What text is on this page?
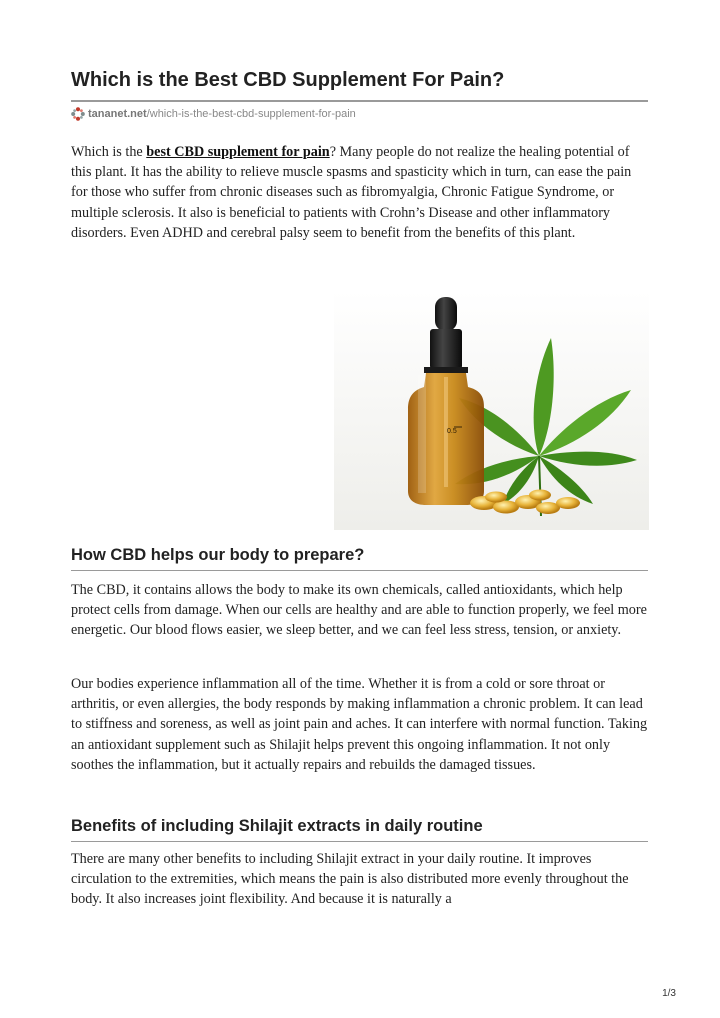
Which is the Best CBD Supplement For Pain?
tananet.net /which-is-the-best-cbd-supplement-for-pain

Which is the best CBD supplement for pain? Many people do not realize the healing potential of this plant. It has the ability to relieve muscle spasms and spasticity which in turn, can ease the pain for those who suffer from chronic diseases such as fibromyalgia, Chronic Fatigue Syndrome, or multiple sclerosis. It also is beneficial to patients with Crohn’s Disease and other inflammatory disorders. Even ADHD and cerebral palsy seem to benefit from the benefits of this plant.

0.5
How CBD helps our body to prepare?

The CBD, it contains allows the body to make its own chemicals, called antioxidants, which help protect cells from damage. When our cells are healthy and are able to function properly, we feel more energetic. Our blood flows easier, we sleep better, and we can feel less stress, tension, or anxiety.

Our bodies experience inflammation all of the time. Whether it is from a cold or sore throat or arthritis, or even allergies, the body responds by making inflammation a chronic problem. It can lead to stiffness and soreness, as well as joint pain and aches. It can interfere with normal function. Taking an antioxidant supplement such as Shilajit helps prevent this ongoing inflammation. It not only soothes the inflammation, but it actually repairs and rebuilds the damaged tissues.

Benefits of including Shilajit extracts in daily routine

There are many other benefits to including Shilajit extract in your daily routine. It improves circulation to the extremities, which means the pain is also distributed more evenly throughout the body. It also increases joint flexibility. And because it is naturally a

1/3
